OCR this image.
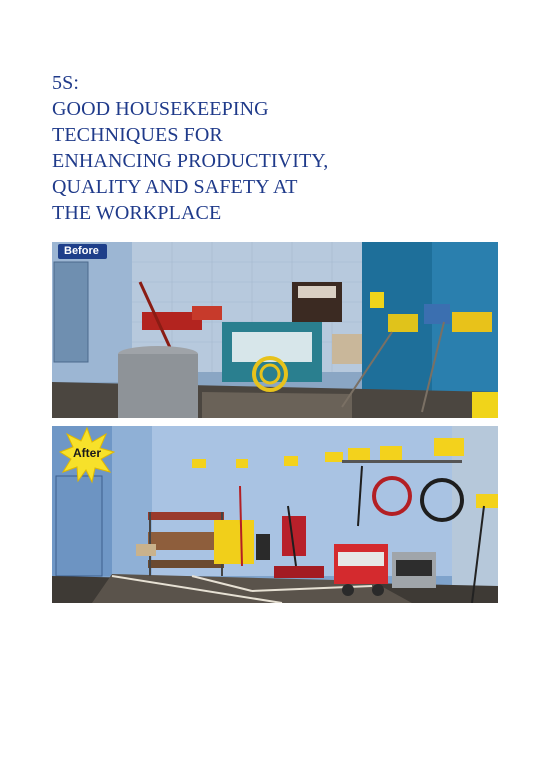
5S:
GOOD HOUSEKEEPING
TECHNIQUES FOR
ENHANCING PRODUCTIVITY,
QUALITY AND SAFETY AT
THE WORKPLACE
Before
After
